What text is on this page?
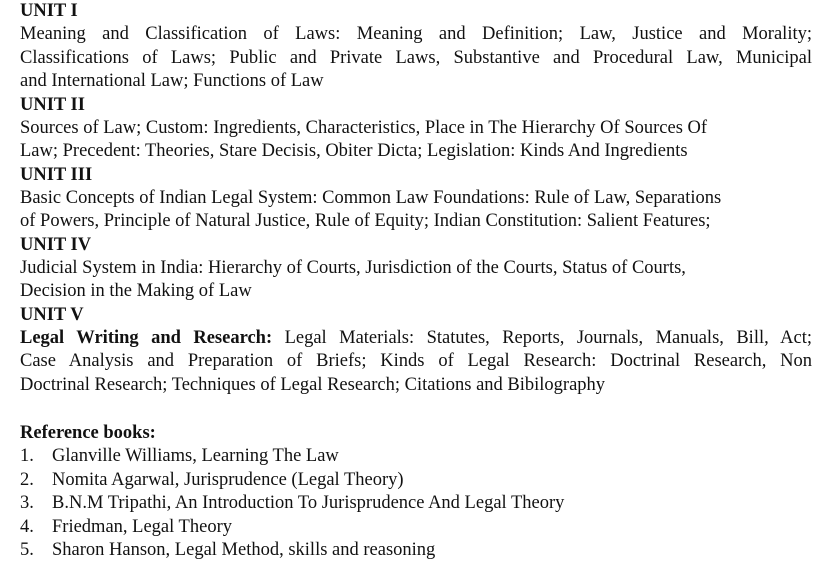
UNIT I
Meaning and Classification of Laws: Meaning and Definition; Law, Justice and Morality;
Classifications of Laws; Public and Private Laws, Substantive and Procedural Law, Municipal
and International Law; Functions of Law
UNIT II
Sources of Law; Custom: Ingredients, Characteristics, Place in The Hierarchy Of Sources Of
Law; Precedent: Theories, Stare Decisis, Obiter Dicta; Legislation: Kinds And Ingredients
UNIT III
Basic Concepts of Indian Legal System: Common Law Foundations: Rule of Law, Separations
of Powers, Principle of Natural Justice, Rule of Equity; Indian Constitution: Salient Features;
UNIT IV
Judicial System in India: Hierarchy of Courts, Jurisdiction of the Courts, Status of Courts,
Decision in the Making of Law
UNIT V
Legal Writing and Research: Legal Materials: Statutes, Reports, Journals, Manuals, Bill, Act;
Case Analysis and Preparation of Briefs; Kinds of Legal Research: Doctrinal Research, Non
Doctrinal Research; Techniques of Legal Research; Citations and Bibilography
Reference books:
1. Glanville Williams, Learning The Law
2. Nomita Agarwal, Jurisprudence (Legal Theory)
3. B.N.M Tripathi, An Introduction To Jurisprudence And Legal Theory
4. Friedman, Legal Theory
5. Sharon Hanson, Legal Method, skills and reasoning
